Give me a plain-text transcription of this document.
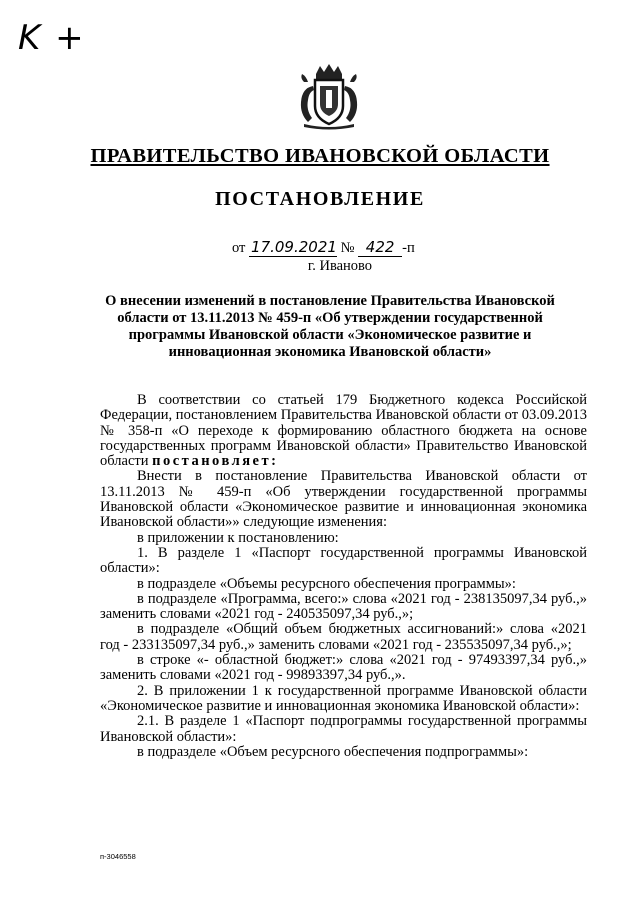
K +
ПРАВИТЕЛЬСТВО ИВАНОВСКОЙ ОБЛАСТИ
ПОСТАНОВЛЕНИЕ
от 17.09.2021 № 422 -п
г. Иваново
О внесении изменений в постановление Правительства Ивановской области от 13.11.2013 № 459-п «Об утверждении государственной программы Ивановской области «Экономическое развитие и инновационная экономика Ивановской области»

В соответствии со статьей 179 Бюджетного кодекса Российской Федерации, постановлением Правительства Ивановской области от 03.09.2013 № 358-п «О переходе к формированию областного бюджета на основе государственных программ Ивановской области» Правительство Ивановской области постановляет:

Внести в постановление Правительства Ивановской области от 13.11.2013 № 459-п «Об утверждении государственной программы Ивановской области «Экономическое развитие и инновационная экономика Ивановской области»» следующие изменения:

в приложении к постановлению:

1. В разделе 1 «Паспорт государственной программы Ивановской области»:

в подразделе «Объемы ресурсного обеспечения программы»:

в подразделе «Программа, всего:» слова «2021 год - 238135097,34 руб.,» заменить словами «2021 год - 240535097,34 руб.,»;

в подразделе «Общий объем бюджетных ассигнований:» слова «2021 год - 233135097,34 руб.,» заменить словами «2021 год - 235535097,34 руб.,»;

в строке «- областной бюджет:» слова «2021 год - 97493397,34 руб.,» заменить словами «2021 год - 99893397,34 руб.,».

2. В приложении 1 к государственной программе Ивановской области «Экономическое развитие и инновационная экономика Ивановской области»:

2.1. В разделе 1 «Паспорт подпрограммы государственной программы Ивановской области»:

в подразделе «Объем ресурсного обеспечения подпрограммы»:

п-3046558
